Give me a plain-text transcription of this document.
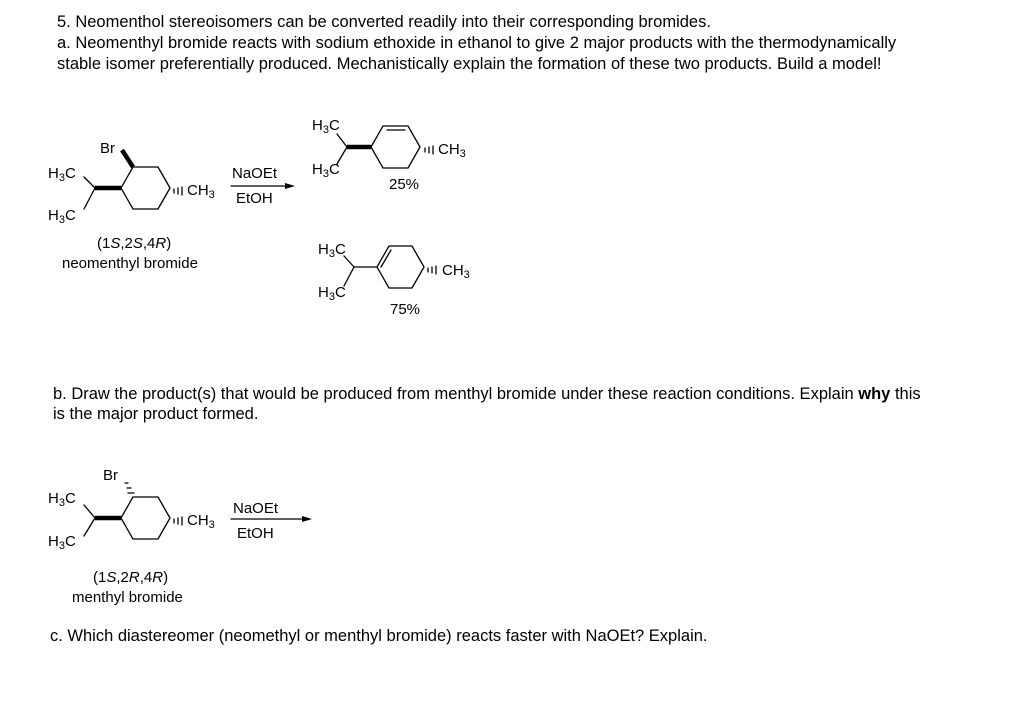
5. Neomenthol stereoisomers can be converted readily into their corresponding bromides.
a. Neomenthyl bromide reacts with sodium ethoxide in ethanol to give 2 major products with the thermodynamically
stable isomer preferentially produced. Mechanistically explain the formation of these two products. Build a model!
b. Draw the product(s) that would be produced from menthyl bromide under these reaction conditions. Explain why this
is the major product formed.
c. Which diastereomer (neomethyl or menthyl bromide) reacts faster with NaOEt? Explain.
Br
$H_3C$
$H_3C$
$CH_3$
(1S,2S,4R)
neomenthyl bromide
NaOEt
EtOH
$H_3C$
$H_3C$
$CH_3$
25%
$H_3C$
$H_3C$
$CH_3$
75%
Br
$H_3C$
$H_3C$
$CH_3$
(1S,2R,4R)
menthyl bromide
NaOEt
EtOH
